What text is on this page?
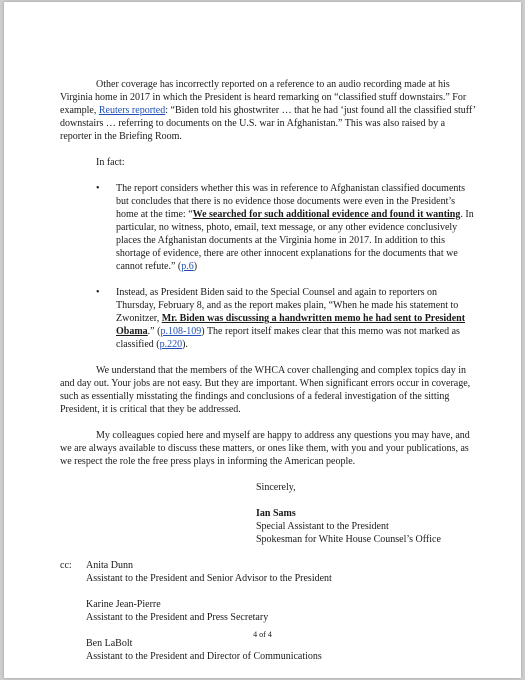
Other coverage has incorrectly reported on a reference to an audio recording made at his Virginia home in 2017 in which the President is heard remarking on “classified stuff downstairs.” For example, Reuters reported: “Biden told his ghostwriter … that he had ‘just found all the classified stuff’ downstairs … referring to documents on the U.S. war in Afghanistan.” This was also raised by a reporter in the Briefing Room.

In fact:

• The report considers whether this was in reference to Afghanistan classified documents but concludes that there is no evidence those documents were even in the President’s home at the time: “We searched for such additional evidence and found it wanting. In particular, no witness, photo, email, text message, or any other evidence conclusively places the Afghanistan documents at the Virginia home in 2017. In addition to this shortage of evidence, there are other innocent explanations for the documents that we cannot refute.” (p.6)
• Instead, as President Biden said to the Special Counsel and again to reporters on Thursday, February 8, and as the report makes plain, “When he made his statement to Zwonitzer, Mr. Biden was discussing a handwritten memo he had sent to President Obama.” (p.108-109) The report itself makes clear that this memo was not marked as classified (p.220).

We understand that the members of the WHCA cover challenging and complex topics day in and day out. Your jobs are not easy. But they are important. When significant errors occur in coverage, such as essentially misstating the findings and conclusions of a federal investigation of the sitting President, it is critical that they be addressed.

My colleagues copied here and myself are happy to address any questions you may have, and we are always available to discuss these matters, or ones like them, with you and your publications, as we respect the role the free press plays in informing the American people.

Sincerely,

Ian Sams

Special Assistant to the President

Spokesman for White House Counsel’s Office

cc: Anita Dunn

Assistant to the President and Senior Advisor to the President

Karine Jean-Pierre

Assistant to the President and Press Secretary

Ben LaBolt

Assistant to the President and Director of Communications

4 of 4
